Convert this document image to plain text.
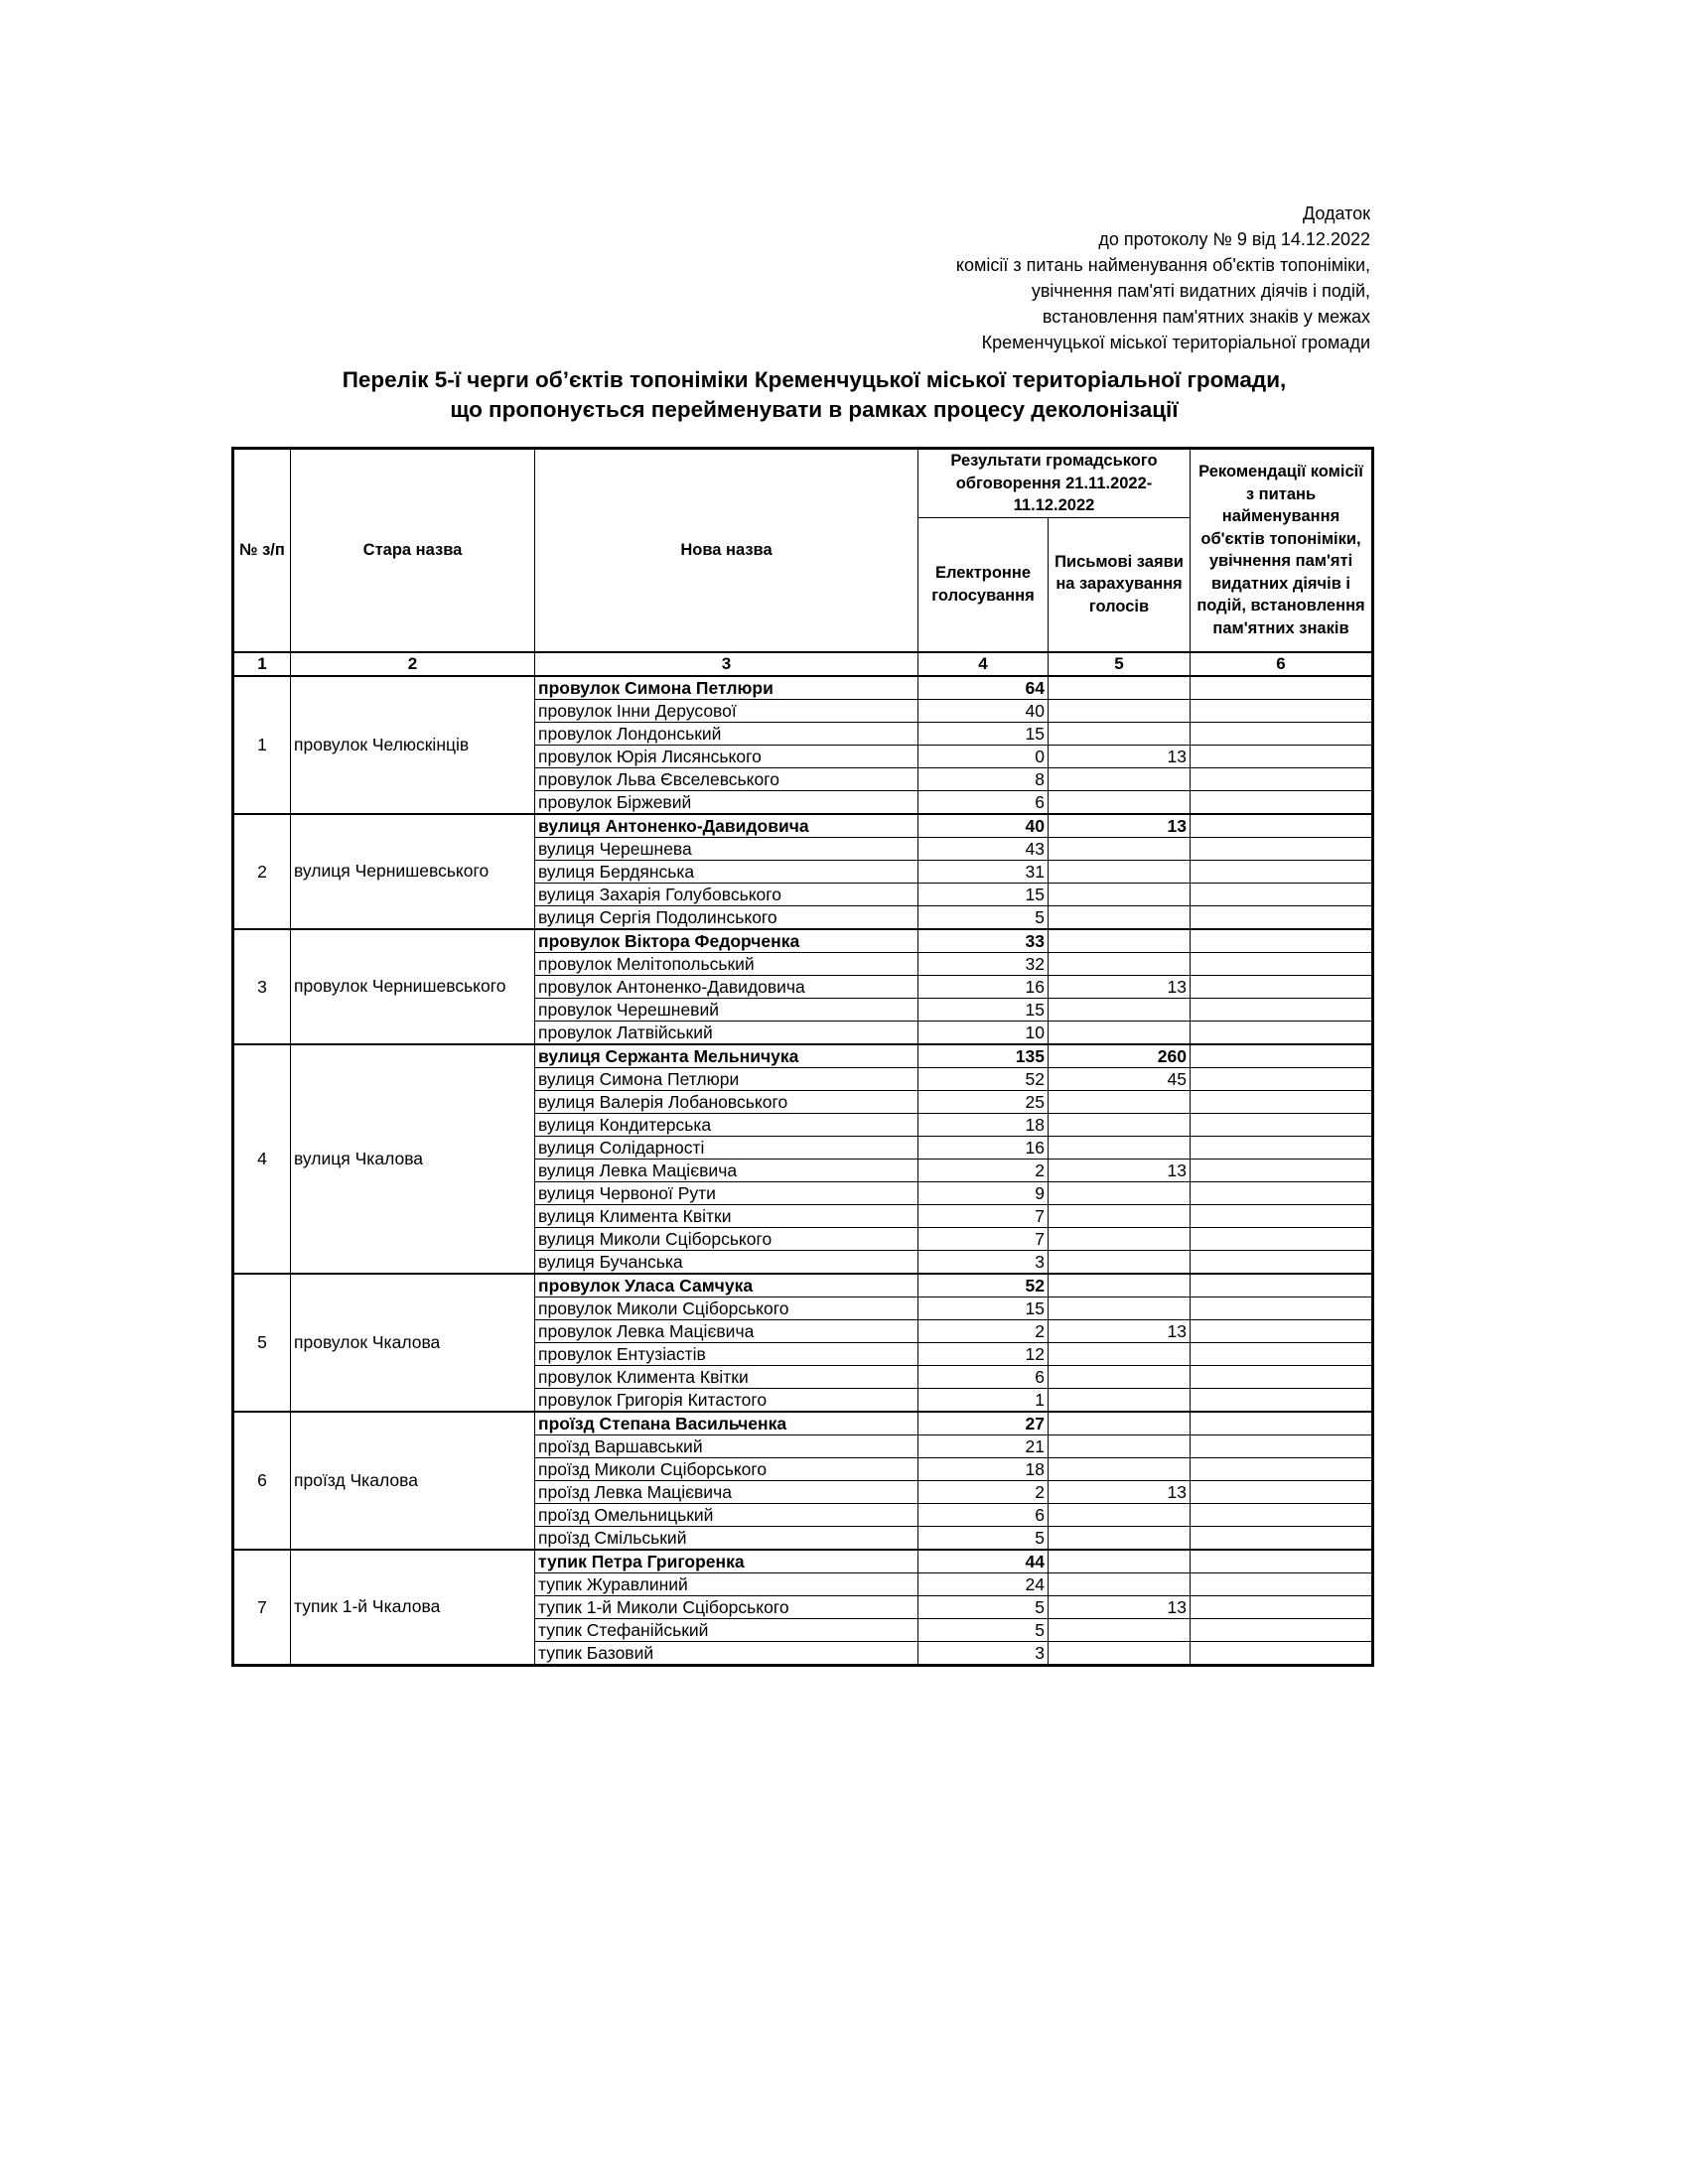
Додаток
до протоколу № 9 від 14.12.2022
комісії з питань найменування об'єктів топоніміки,
увічнення пам'яті видатних діячів і подій,
встановлення пам'ятних знаків у межах
Кременчуцької міської територіальної громади
Перелік 5-ї черги об’єктів топоніміки Кременчуцької міської територіальної громади,
що пропонується перейменувати в рамках процесу деколонізації
№ з/п	Стара назва	Нова назва	Результати громадського обговорення 21.11.2022-11.12.2022		Рекомендації комісії з питань найменування об'єктів топоніміки, увічнення пам'яті видатних діячів і подій, встановлення пам'ятних знаків
			Електронне голосування	Письмові заяви на зарахування голосів	
1	2	3	4	5	6
1	провулок Челюскінців	провулок Симона Петлюри	64		
		провулок Інни Дерусової	40		
		провулок Лондонський	15		
		провулок Юрія Лисянського	0	13	
		провулок Льва Євселевського	8		
		провулок Біржевий	6		
2	вулиця Чернишевського	вулиця Антоненко-Давидовича	40	13	
		вулиця Черешнева	43		
		вулиця Бердянська	31		
		вулиця Захарія Голубовського	15		
		вулиця Сергія Подолинського	5		
3	провулок Чернишевського	провулок Віктора Федорченка	33		
		провулок Мелітопольський	32		
		провулок Антоненко-Давидовича	16	13	
		провулок Черешневий	15		
		провулок Латвійський	10		
4	вулиця Чкалова	вулиця Сержанта Мельничука	135	260	
		вулиця Симона Петлюри	52	45	
		вулиця Валерія Лобановського	25		
		вулиця Кондитерська	18		
		вулиця Солідарності	16		
		вулиця Левка Мацієвича	2	13	
		вулиця Червоної Рути	9		
		вулиця Климента Квітки	7		
		вулиця Миколи Сціборського	7		
		вулиця Бучанська	3		
5	провулок Чкалова	провулок Уласа Самчука	52		
		провулок Миколи Сціборського	15		
		провулок Левка Мацієвича	2	13	
		провулок Ентузіастів	12		
		провулок Климента Квітки	6		
		провулок Григорія Китастого	1		
6	проїзд Чкалова	проїзд Степана Васильченка	27		
		проїзд Варшавський	21		
		проїзд Миколи Сціборського	18		
		проїзд Левка Мацієвича	2	13	
		проїзд Омельницький	6		
		проїзд Смільський	5		
7	тупик 1-й Чкалова	тупик Петра Григоренка	44		
		тупик Журавлиний	24		
		тупик 1-й Миколи Сціборського	5	13	
		тупик Стефанійський	5		
		тупик Базовий	3		
